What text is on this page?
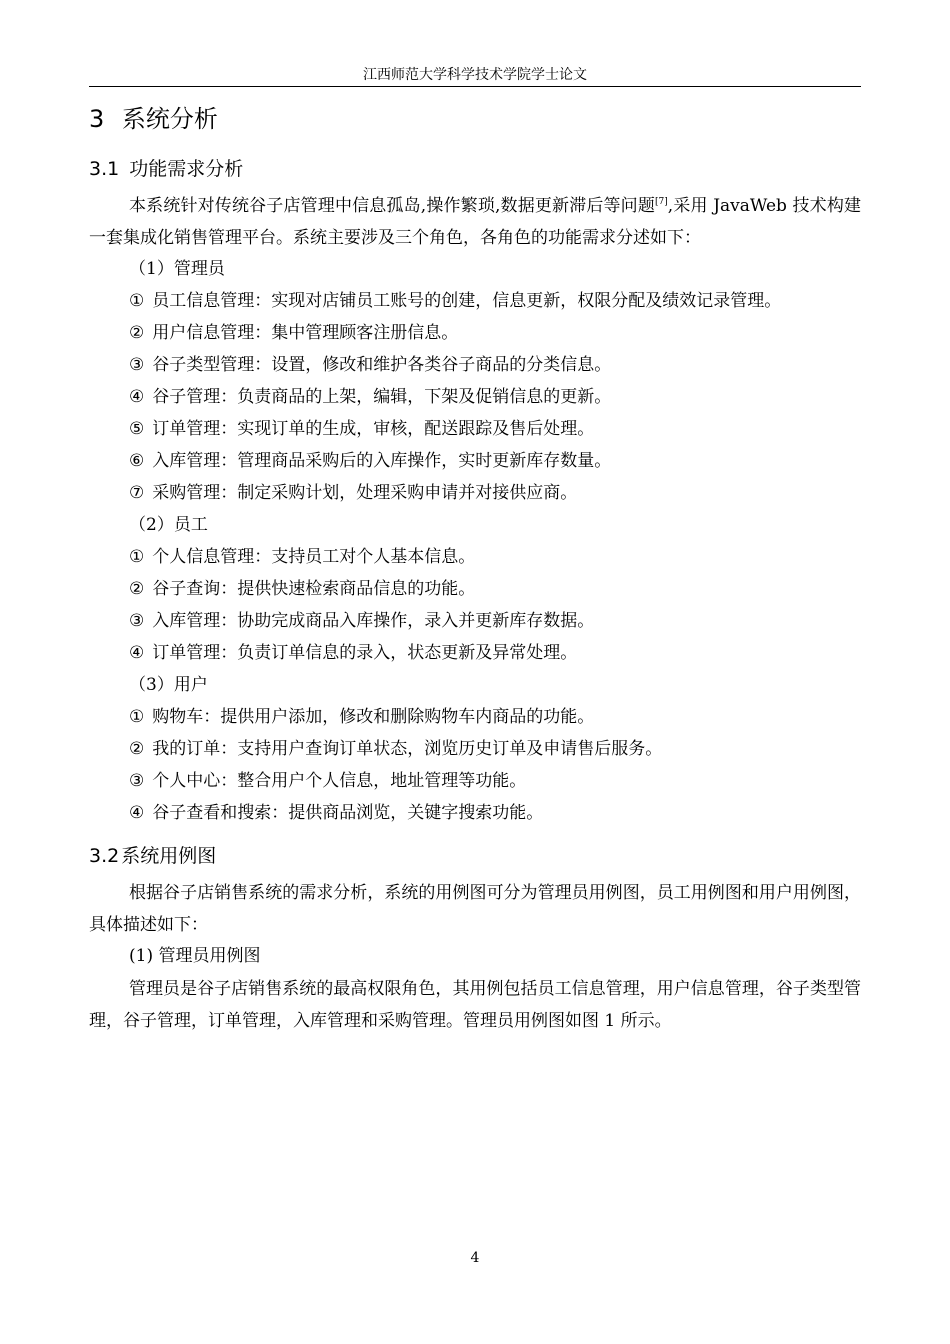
江西师范大学科学技术学院学士论文
3 系统分析
3.1 功能需求分析

本系统针对传统谷子店管理中信息孤岛,操作繁琐,数据更新滞后等问题[7],采用 JavaWeb 技术构建一套集成化销售管理平台。系统主要涉及三个角色，各角色的功能需求分述如下：

（1）管理员
① 员工信息管理：实现对店铺员工账号的创建，信息更新，权限分配及绩效记录管理。
② 用户信息管理：集中管理顾客注册信息。
③ 谷子类型管理：设置，修改和维护各类谷子商品的分类信息。
④ 谷子管理：负责商品的上架，编辑，下架及促销信息的更新。
⑤ 订单管理：实现订单的生成，审核，配送跟踪及售后处理。
⑥ 入库管理：管理商品采购后的入库操作，实时更新库存数量。
⑦ 采购管理：制定采购计划，处理采购申请并对接供应商。
（2）员工
① 个人信息管理：支持员工对个人基本信息。
② 谷子查询：提供快速检索商品信息的功能。
③ 入库管理：协助完成商品入库操作，录入并更新库存数据。
④ 订单管理：负责订单信息的录入，状态更新及异常处理。
（3）用户
① 购物车：提供用户添加，修改和删除购物车内商品的功能。
② 我的订单：支持用户查询订单状态，浏览历史订单及申请售后服务。
③ 个人中心：整合用户个人信息，地址管理等功能。
④ 谷子查看和搜索：提供商品浏览，关键字搜索功能。
3.2 系统用例图

根据谷子店销售系统的需求分析，系统的用例图可分为管理员用例图，员工用例图和用户用例图，具体描述如下：

(1) 管理员用例图

管理员是谷子店销售系统的最高权限角色，其用例包括员工信息管理，用户信息管理，谷子类型管理，谷子管理，订单管理，入库管理和采购管理。管理员用例图如图 1 所示。

4
